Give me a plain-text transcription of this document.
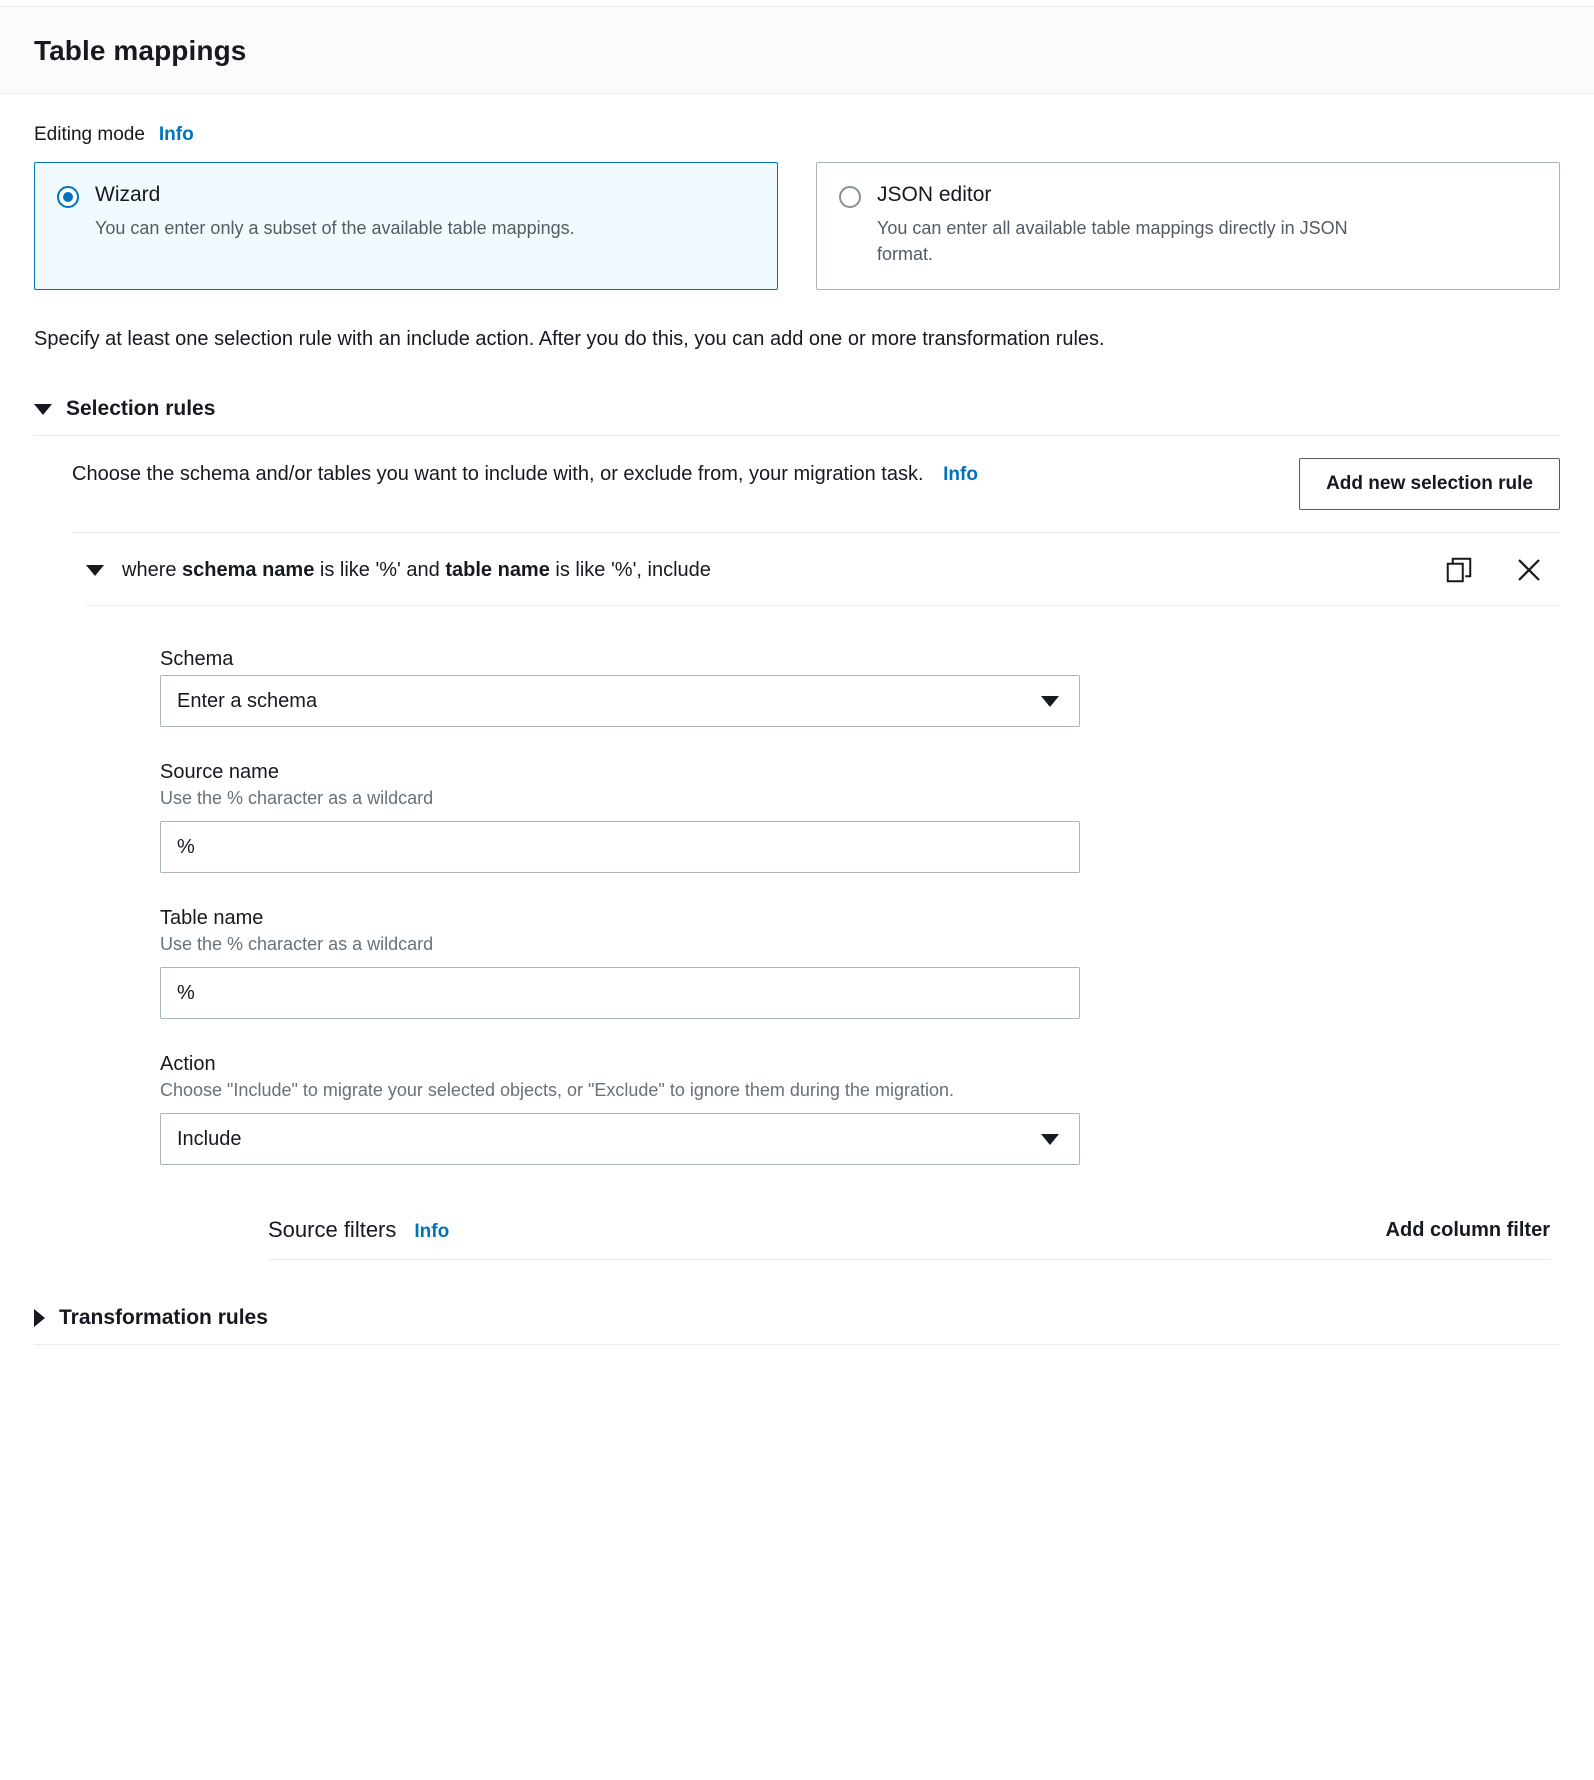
Table mappings
Editing mode Info
Wizard
You can enter only a subset of the available table mappings.
JSON editor
You can enter all available table mappings directly in JSON format.
Specify at least one selection rule with an include action. After you do this, you can add one or more transformation rules.
Selection rules
Choose the schema and/or tables you want to include with, or exclude from, your migration task. Info	Add new selection rule
where schema name is like '%' and table name is like '%', include
Schema
Enter a schema
Source name
Use the % character as a wildcard
%
Table name
Use the % character as a wildcard
%
Action
Choose "Include" to migrate your selected objects, or "Exclude" to ignore them during the migration.
Include
Source filters Info	Add column filter
Transformation rules
